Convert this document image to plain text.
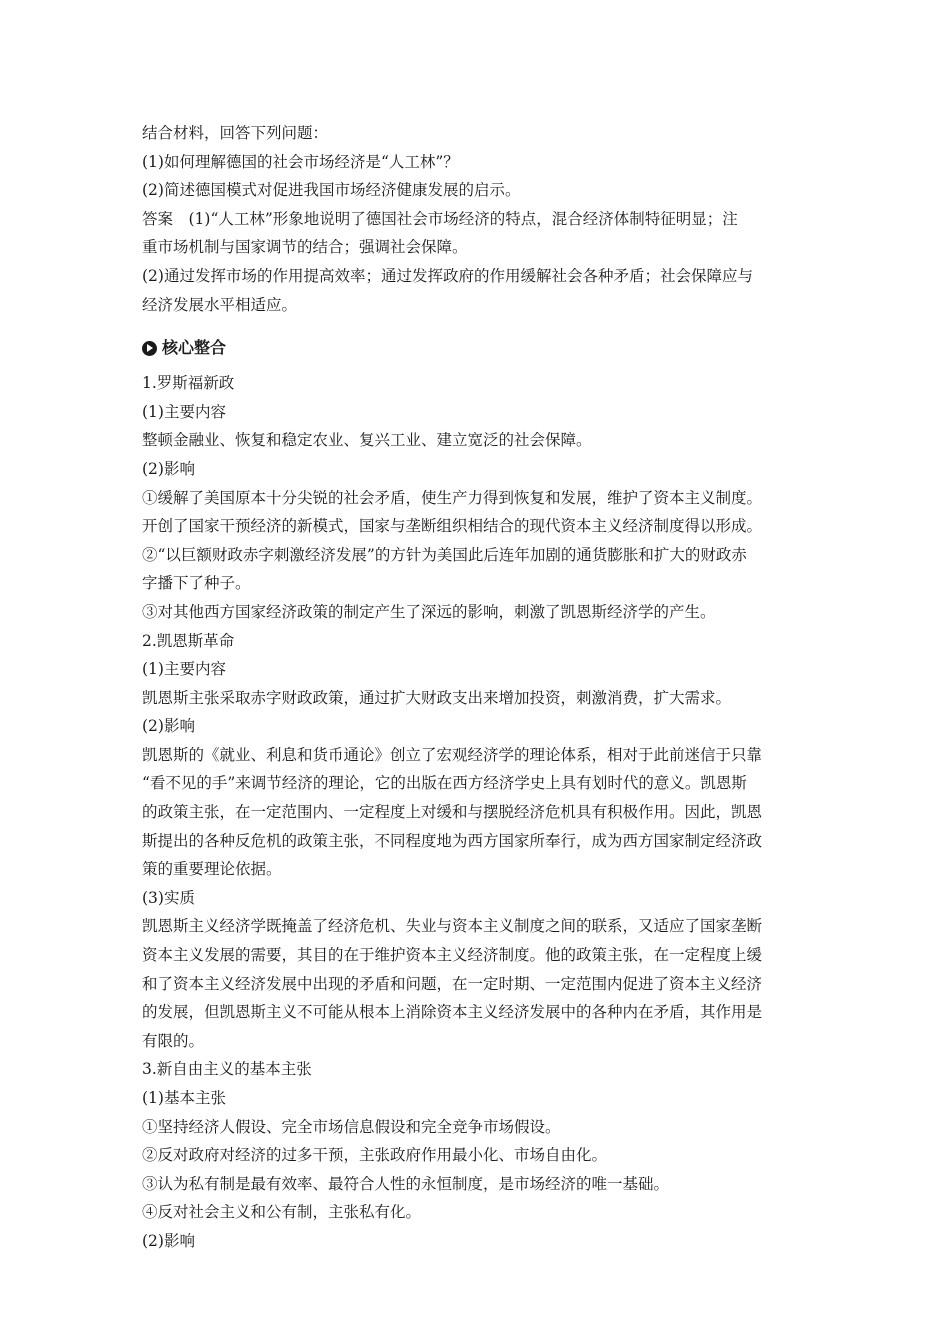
结合材料，回答下列问题：
(1)如何理解德国的社会市场经济是“人工林”？
(2)简述德国模式对促进我国市场经济健康发展的启示。
答案　(1)“人工林”形象地说明了德国社会市场经济的特点，混合经济体制特征明显；注
重市场机制与国家调节的结合；强调社会保障。
(2)通过发挥市场的作用提高效率；通过发挥政府的作用缓解社会各种矛盾；社会保障应与
经济发展水平相适应。
核心整合
1.罗斯福新政
(1)主要内容
整顿金融业、恢复和稳定农业、复兴工业、建立宽泛的社会保障。
(2)影响
①缓解了美国原本十分尖锐的社会矛盾，使生产力得到恢复和发展，维护了资本主义制度。
开创了国家干预经济的新模式，国家与垄断组织相结合的现代资本主义经济制度得以形成。
②“以巨额财政赤字刺激经济发展”的方针为美国此后连年加剧的通货膨胀和扩大的财政赤
字播下了种子。
③对其他西方国家经济政策的制定产生了深远的影响，刺激了凯恩斯经济学的产生。
2.凯恩斯革命
(1)主要内容
凯恩斯主张采取赤字财政政策，通过扩大财政支出来增加投资，刺激消费，扩大需求。
(2)影响
凯恩斯的《就业、利息和货币通论》创立了宏观经济学的理论体系，相对于此前迷信于只靠
“看不见的手”来调节经济的理论，它的出版在西方经济学史上具有划时代的意义。凯恩斯
的政策主张，在一定范围内、一定程度上对缓和与摆脱经济危机具有积极作用。因此，凯恩
斯提出的各种反危机的政策主张，不同程度地为西方国家所奉行，成为西方国家制定经济政
策的重要理论依据。
(3)实质
凯恩斯主义经济学既掩盖了经济危机、失业与资本主义制度之间的联系，又适应了国家垄断
资本主义发展的需要，其目的在于维护资本主义经济制度。他的政策主张，在一定程度上缓
和了资本主义经济发展中出现的矛盾和问题，在一定时期、一定范围内促进了资本主义经济
的发展，但凯恩斯主义不可能从根本上消除资本主义经济发展中的各种内在矛盾，其作用是
有限的。
3.新自由主义的基本主张
(1)基本主张
①坚持经济人假设、完全市场信息假设和完全竞争市场假设。
②反对政府对经济的过多干预，主张政府作用最小化、市场自由化。
③认为私有制是最有效率、最符合人性的永恒制度，是市场经济的唯一基础。
④反对社会主义和公有制，主张私有化。
(2)影响
